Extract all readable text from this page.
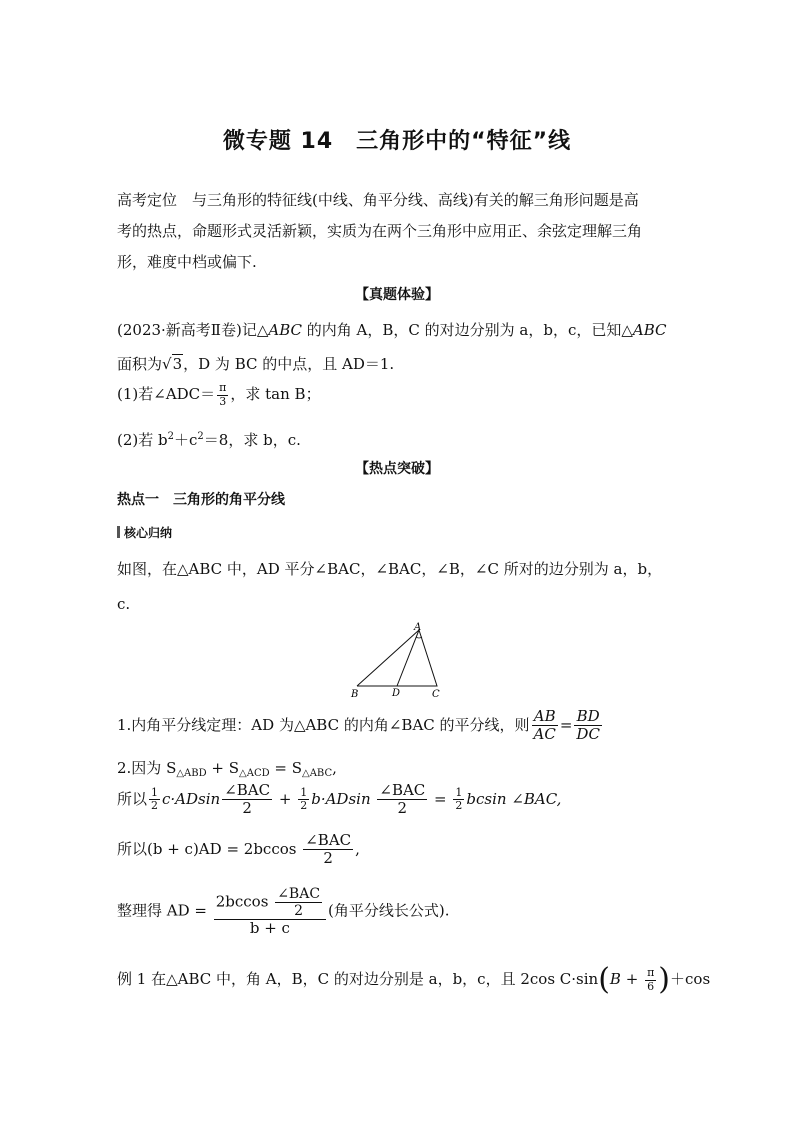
微专题 14　三角形中的“特征”线
高考定位　与三角形的特征线(中线、角平分线、高线)有关的解三角形问题是高
考的热点，命题形式灵活新颖，实质为在两个三角形中应用正、余弦定理解三角
形，难度中档或偏下.
【真题体验】
(2023·新高考Ⅱ卷)记△ABC 的内角 A，B，C 的对边分别为 a，b，c，已知△ABC
面积为√3，D 为 BC 的中点，且 AD＝1.
(1)若∠ADC＝ $\frac{\pi}{3}$ ，求 tan B；
(2)若 $b^2+c^2=8$，求 b，c.
【热点突破】
热点一　三角形的角平分线
核心归纳
如图，在△ABC 中，AD 平分∠BAC，∠BAC，∠B，∠C 所对的边分别为 a，b，
c.
A
B	D	C
1.内角平分线定理：AD 为△ABC 的内角∠BAC 的平分线，则 $\frac{AB}{AC} = \frac{BD}{DC}$
2.因为 $S_{\triangle ABD} + S_{\triangle ACD} = S_{\triangle ABC}$,
所以 $\frac{1}{2} c\cdot ADsin \frac{\text{∠BAC}}{2} + \frac{1}{2} b\cdot ADsin \frac{\text{∠BAC}}{2} = \frac{1}{2}$ bcsin ∠BAC,
所以$(b + c)AD = 2bccos \frac{\text{∠BAC}}{2}$ ,
整理得 AD = $\frac{2bccos \frac{\text{∠BAC}}{2}}{b + c}$ (角平分线长公式).
例 1 在△ABC 中，角 A，B，C 的对边分别是 a，b，c，且 2cos $C\cdot\sin(B + \frac{\pi}{6} )+\cos$
